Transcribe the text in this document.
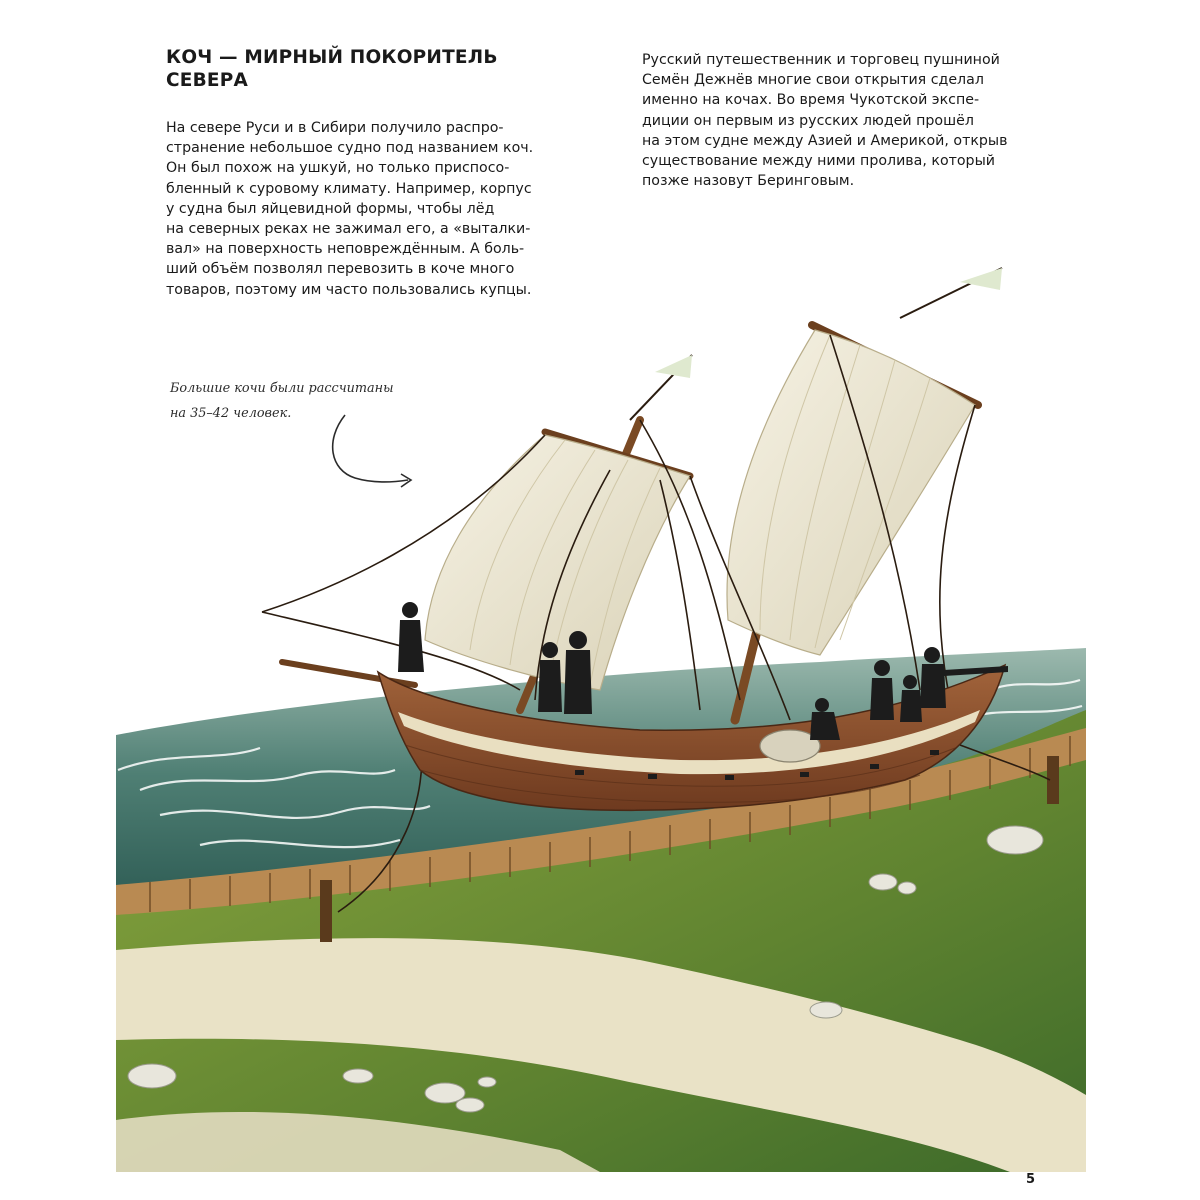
КОЧ — МИРНЫЙ ПОКОРИТЕЛЬ
СЕВЕРА

На севере Руси и в Сибири получило распро-
странение небольшое судно под названием коч.
Он был похож на ушкуй, но только приспосо-
бленный к суровому климату. Например, корпус
у судна был яйцевидной формы, чтобы лёд
на северных реках не зажимал его, а «выталки-
вал» на поверхность неповреждённым. А боль-
ший объём позволял перевозить в коче много
товаров, поэтому им часто пользовались купцы.

Русский путешественник и торговец пушниной
Семён Дежнёв многие свои открытия сделал
именно на кочах. Во время Чукотской экспе-
диции он первым из русских людей прошёл
на этом судне между Азией и Америкой, открыв
существование между ними пролива, который
позже назовут Беринговым.

Большие кочи были рассчитаны
на 35–42 человек.

5
